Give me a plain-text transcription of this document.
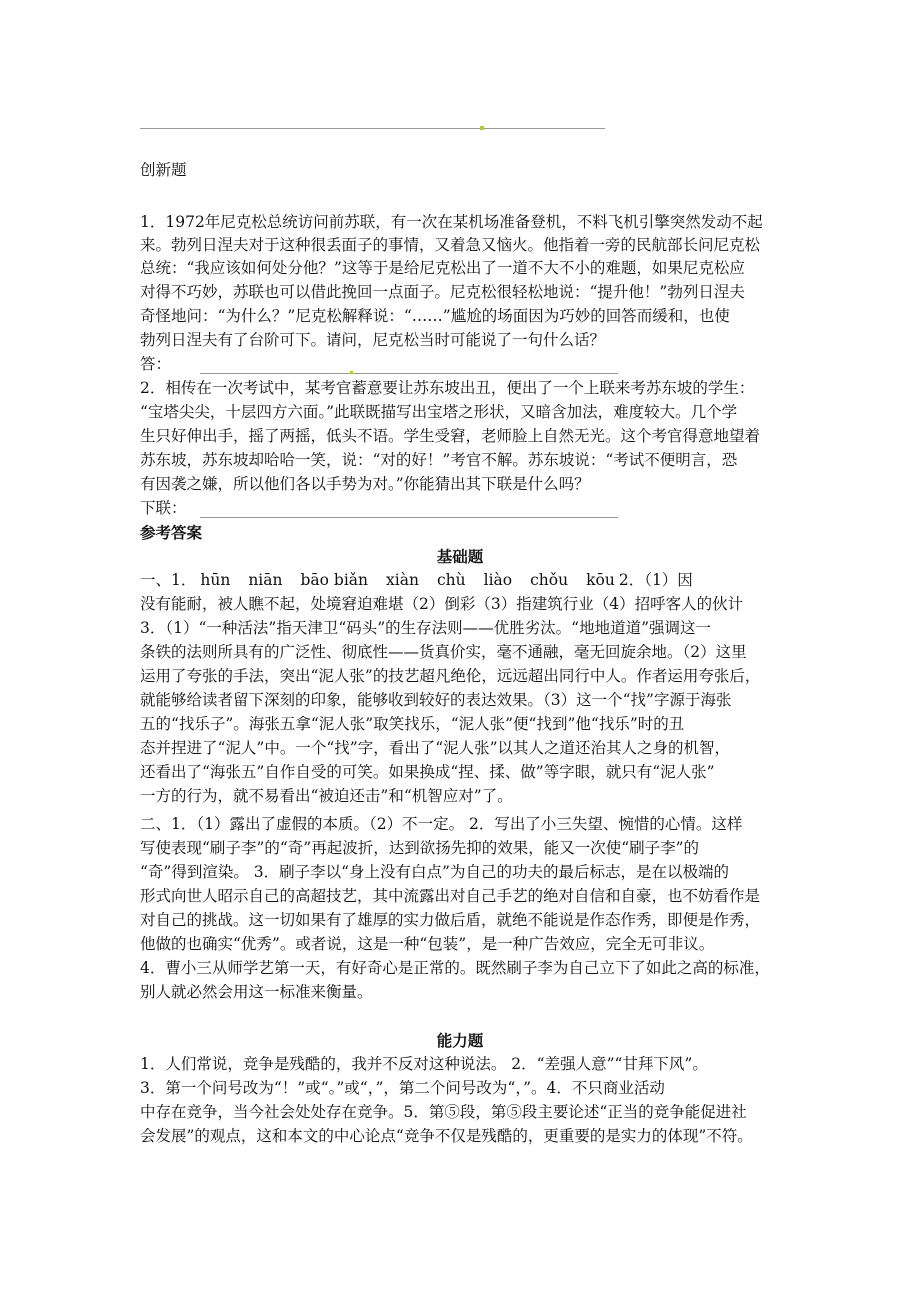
创新题
1．1972年尼克松总统访问前苏联，有一次在某机场准备登机，不料飞机引擎突然发动不起
来。勃列日涅夫对于这种很丢面子的事情，又着急又恼火。他指着一旁的民航部长问尼克松
总统：“我应该如何处分他？”这等于是给尼克松出了一道不大不小的难题，如果尼克松应
对得不巧妙，苏联也可以借此挽回一点面子。尼克松很轻松地说：“提升他！”勃列日涅夫
奇怪地问：“为什么？”尼克松解释说：“……”尴尬的场面因为巧妙的回答而缓和，也使
勃列日涅夫有了台阶可下。请问，尼克松当时可能说了一句什么话？
答：
2．相传在一次考试中，某考官蓄意要让苏东坡出丑，便出了一个上联来考苏东坡的学生：
“宝塔尖尖，十层四方六面。”此联既描写出宝塔之形状，又暗含加法，难度较大。几个学
生只好伸出手，摇了两摇，低头不语。学生受窘，老师脸上自然无光。这个考官得意地望着
苏东坡，苏东坡却哈哈一笑，说：“对的好！”考官不解。苏东坡说：“考试不便明言，恐
有因袭之嫌，所以他们各以手势为对。”你能猜出其下联是什么吗？
下联：
参考答案
基础题
一、1． hūn niān bāo biǎn xiàn chù liào chǒu kōu 2．（1）因
没有能耐，被人瞧不起，处境窘迫难堪（2）倒彩（3）指建筑行业（4）招呼客人的伙计
3．（1）“一种活法”指天津卫“码头”的生存法则——优胜劣汰。“地地道道”强调这一
条铁的法则所具有的广泛性、彻底性——货真价实，毫不通融，毫无回旋余地。（2）这里
运用了夸张的手法，突出“泥人张”的技艺超凡绝伦，远远超出同行中人。作者运用夸张后，
就能够给读者留下深刻的印象，能够收到较好的表达效果。（3）这一个“找”字源于海张
五的“找乐子”。海张五拿“泥人张”取笑找乐，“泥人张”便“找到”他“找乐”时的丑
态并捏进了“泥人”中。一个“找”字，看出了“泥人张”以其人之道还治其人之身的机智，
还看出了“海张五”自作自受的可笑。如果换成“捏、揉、做”等字眼，就只有“泥人张”
一方的行为，就不易看出“被迫还击”和“机智应对”了。
二、1．（1）露出了虚假的本质。（2）不一定。 2．写出了小三失望、惋惜的心情。这样
写使表现“刷子李”的“奇”再起波折，达到欲扬先抑的效果，能又一次使“刷子李”的
“奇”得到渲染。 3．刷子李以“身上没有白点”为自己的功夫的最后标志，是在以极端的
形式向世人昭示自己的高超技艺，其中流露出对自己手艺的绝对自信和自豪，也不妨看作是
对自己的挑战。这一切如果有了雄厚的实力做后盾，就绝不能说是作态作秀，即便是作秀，
他做的也确实“优秀”。或者说，这是一种“包装”，是一种广告效应，完全无可非议。
4．曹小三从师学艺第一天，有好奇心是正常的。既然刷子李为自己立下了如此之高的标准，
别人就必然会用这一标准来衡量。
能力题
1．人们常说，竞争是残酷的，我并不反对这种说法。 2．“差强人意”“甘拜下风”。
3．第一个问号改为“！”或“。”或“，”，第二个问号改为“，”。4．不只商业活动
中存在竞争，当今社会处处存在竞争。5．第⑤段，第⑤段主要论述“正当的竞争能促进社
会发展”的观点，这和本文的中心论点“竞争不仅是残酷的，更重要的是实力的体现”不符。
